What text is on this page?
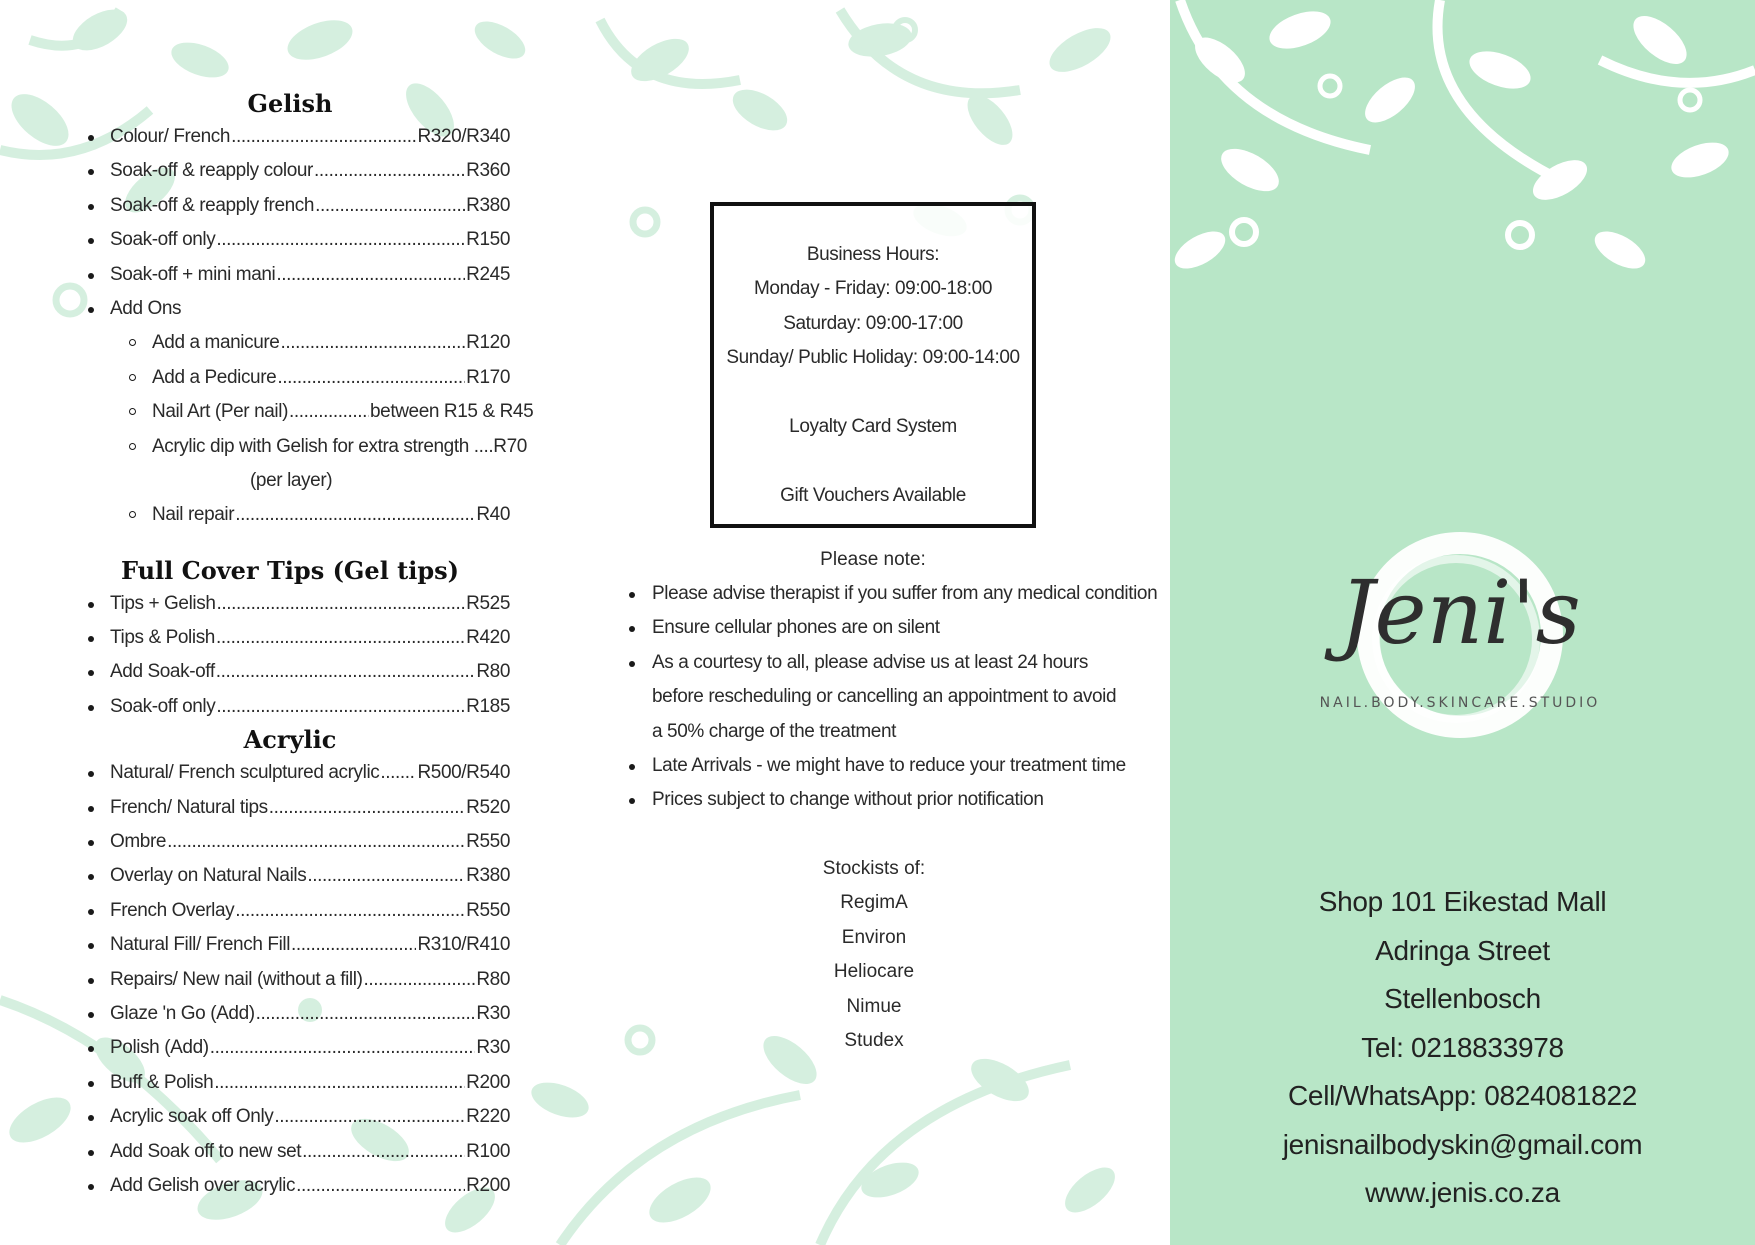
Gelish
Colour/ French .....	R320/R340
Soak-off & reapply colour .....	R360
Soak-off & reapply french .....	R380
Soak-off only .....	R150
Soak-off + mini mani .....	R245
Add Ons
Add a manicure .....	R120
Add a Pedicure .....	R170
Nail Art (Per nail) .....	between R15 & R45
Acrylic dip with Gelish for extra strength ....R70
(per layer)
Nail repair .....	R40
Full Cover Tips (Gel tips)
Tips + Gelish .....	R525
Tips & Polish .....	R420
Add Soak-off .....	R80
Soak-off only .....	R185
Acrylic
Natural/ French sculptured acrylic ..... R500/R540
French/ Natural tips .....	R520
Ombre .....	R550
Overlay on Natural Nails .....	R380
French Overlay .....	R550
Natural Fill/ French Fill .....	R310/R410
Repairs/ New nail (without a fill) .....	R80
Glaze 'n Go (Add) .....	R30
Polish (Add) .....	R30
Buff & Polish .....	R200
Acrylic soak off Only .....	R220
Add Soak off to new set .....	R100
Add Gelish over acrylic .....	R200
Business Hours:
Monday - Friday: 09:00-18:00
Saturday: 09:00-17:00
Sunday/ Public Holiday: 09:00-14:00
Loyalty Card System
Gift Vouchers Available
Please note:
Please advise therapist if you suffer from any medical condition
Ensure cellular phones are on silent
As a courtesy to all, please advise us at least 24 hours before rescheduling or cancelling an appointment to avoid a 50% charge of the treatment
Late Arrivals - we might have to reduce your treatment time
Prices subject to change without prior notification
Stockists of:
RegimA
Environ
Heliocare
Nimue
Studex
Jeni's
NAIL.BODY.SKINCARE.STUDIO
Shop 101 Eikestad Mall
Adringa Street
Stellenbosch
Tel: 0218833978
Cell/WhatsApp: 0824081822
jenisnailbodyskin@gmail.com
www.jenis.co.za
